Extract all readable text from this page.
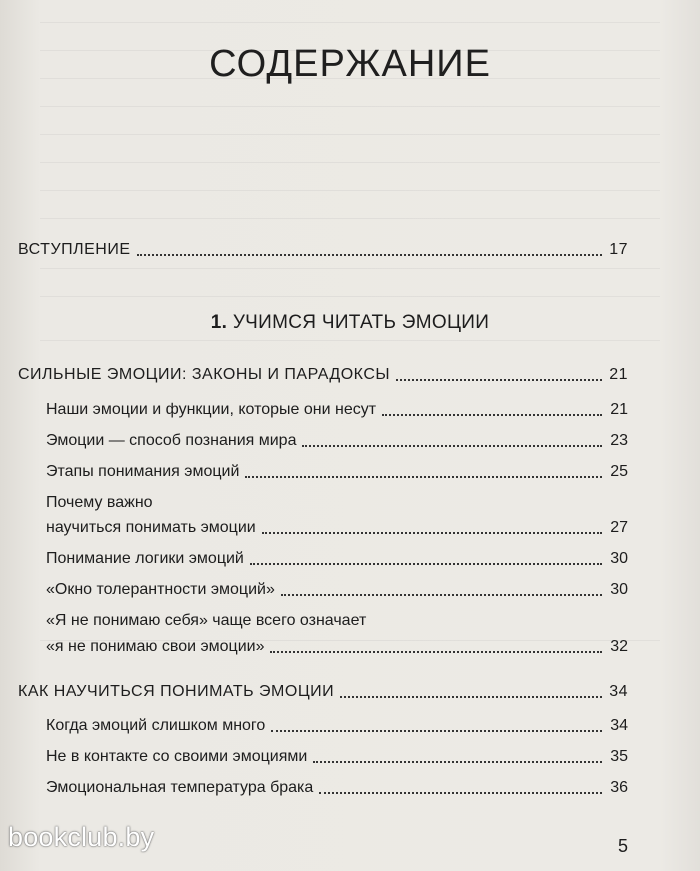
СОДЕРЖАНИЕ
ВСТУПЛЕНИЕ	17
1. УЧИМСЯ ЧИТАТЬ ЭМОЦИИ
СИЛЬНЫЕ ЭМОЦИИ: ЗАКОНЫ И ПАРАДОКСЫ	21
Наши эмоции и функции, которые они несут	21
Эмоции — способ познания мира	23
Этапы понимания эмоций	25
Почему важно
научиться понимать эмоции	27
Понимание логики эмоций	30
«Окно толерантности эмоций»	30
«Я не понимаю себя» чаще всего означает
«я не понимаю свои эмоции»	32
КАК НАУЧИТЬСЯ ПОНИМАТЬ ЭМОЦИИ	34
Когда эмоций слишком много	34
Не в контакте со своими эмоциями	35
Эмоциональная температура брака	36
bookclub.by	5
